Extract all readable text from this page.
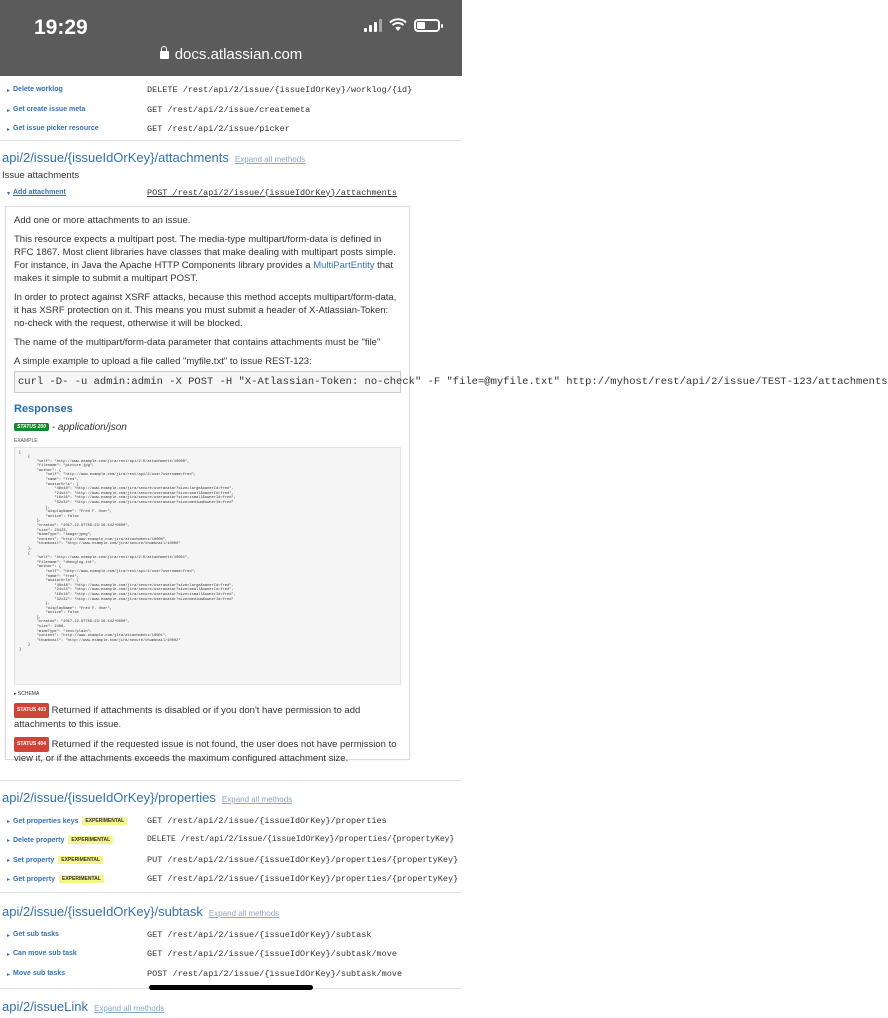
19:29
docs.atlassian.com
▸ Delete worklog	DELETE /rest/api/2/issue/{issueIdOrKey}/worklog/{id}
▸ Get create issue meta	GET /rest/api/2/issue/createmeta
▸ Get issue picker resource	GET /rest/api/2/issue/picker
api/2/issue/{issueIdOrKey}/attachments Expand all methods
Issue attachments
▾ Add attachment	POST /rest/api/2/issue/{issueIdOrKey}/attachments

Add one or more attachments to an issue.

This resource expects a multipart post. The media-type multipart/form-data is defined in RFC 1867. Most client libraries have classes that make dealing with multipart posts simple. For instance, in Java the Apache HTTP Components library provides a MultiPartEntity that makes it simple to submit a multipart POST.

In order to protect against XSRF attacks, because this method accepts multipart/form-data, it has XSRF protection on it. This means you must submit a header of X-Atlassian-Token: no-check with the request, otherwise it will be blocked.

The name of the multipart/form-data parameter that contains attachments must be "file"

A simple example to upload a file called "myfile.txt" to issue REST-123:

curl -D- -u admin:admin -X POST -H "X-Atlassian-Token: no-check" -F "file=@myfile.txt" http://myhost/rest/api/2/issue/TEST-123/attachments
Responses
STATUS 200 - application/json
EXAMPLE
[
{
"self": "http://www.example.com/jira/rest/api/2.0/attachments/10000",
"filename": "picture.jpg",
"author": {
"self": "http://www.example.com/jira/rest/api/2/user?username=fred",
"name": "fred",
"avatarUrls": {
"48x48": "http://www.example.com/jira/secure/useravatar?size=large&ownerId=fred",
"24x24": "http://www.example.com/jira/secure/useravatar?size=small&ownerId=fred",
"16x16": "http://www.example.com/jira/secure/useravatar?size=xsmall&ownerId=fred",
"32x32": "http://www.example.com/jira/secure/useravatar?size=medium&ownerId=fred"
},
"displayName": "Fred F. User",
"active": false
},
"created": "2017-12-07T09:23:16.542+0000",
"size": 23123,
"mimeType": "image/jpeg",
"content": "http://www.example.com/jira/attachments/10000",
"thumbnail": "http://www.example.com/jira/secure/thumbnail/10000"
},
{
"self": "http://www.example.com/jira/rest/api/2.0/attachments/10001",
"filename": "dbeuglog.txt",
"author": {
"self": "http://www.example.com/jira/rest/api/2/user?username=fred",
"name": "fred",
"avatarUrls": {
"48x48": "http://www.example.com/jira/secure/useravatar?size=large&ownerId=fred",
"24x24": "http://www.example.com/jira/secure/useravatar?size=small&ownerId=fred",
"16x16": "http://www.example.com/jira/secure/useravatar?size=xsmall&ownerId=fred",
"32x32": "http://www.example.com/jira/secure/useravatar?size=medium&ownerId=fred"
},
"displayName": "Fred F. User",
"active": false
},
"created": "2017-12-07T09:23:16.542+0000",
"size": 2460,
"mimeType": "text/plain",
"content": "http://www.example.com/jira/attachments/10001",
"thumbnail": "http://www.example.com/jira/secure/thumbnail/10002"
}
]
▸ SCHEMA
STATUS 403 Returned if attachments is disabled or if you don't have permission to add attachments to this issue.
STATUS 404 Returned if the requested issue is not found, the user does not have permission to view it, or if the attachments exceeds the maximum configured attachment size.
api/2/issue/{issueIdOrKey}/properties Expand all methods
▸ Get properties keys EXPERIMENTAL	GET /rest/api/2/issue/{issueIdOrKey}/properties
▸ Delete property EXPERIMENTAL	DELETE /rest/api/2/issue/{issueIdOrKey}/properties/{propertyKey}
▸ Set property EXPERIMENTAL	PUT /rest/api/2/issue/{issueIdOrKey}/properties/{propertyKey}
▸ Get property EXPERIMENTAL	GET /rest/api/2/issue/{issueIdOrKey}/properties/{propertyKey}
api/2/issue/{issueIdOrKey}/subtask Expand all methods
▸ Get sub tasks	GET /rest/api/2/issue/{issueIdOrKey}/subtask
▸ Can move sub task	GET /rest/api/2/issue/{issueIdOrKey}/subtask/move
▸ Move sub tasks	POST /rest/api/2/issue/{issueIdOrKey}/subtask/move
api/2/issueLink Expand all methods
